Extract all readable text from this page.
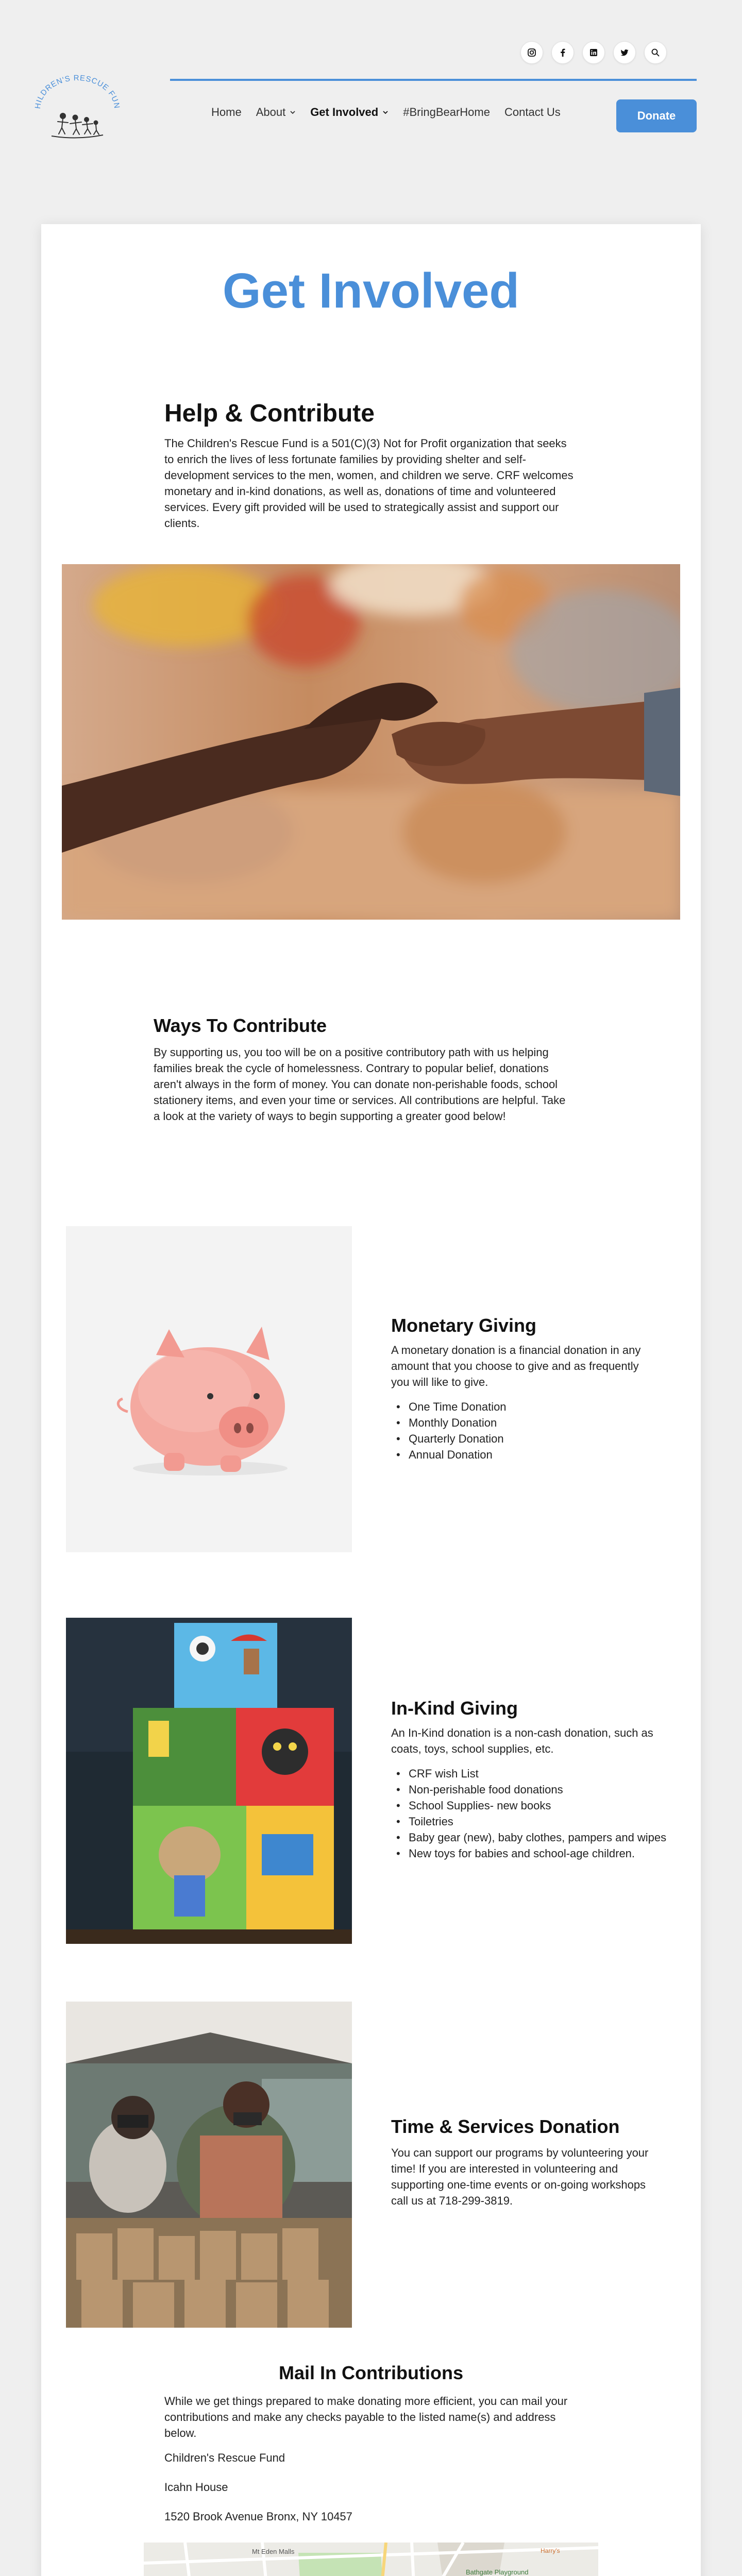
HILDREN'S RESCUE FUN	Home About Get Involved #BringBearHome Contact Us	Donate
Get Involved
Help & Contribute

The Children's Rescue Fund is a 501(C)(3) Not for Profit organization that seeks to enrich the lives of less fortunate families by providing shelter and self-development services to the men, women, and children we serve. CRF welcomes monetary and in-kind donations, as well as, donations of time and volunteered services. Every gift provided will be used to strategically assist and support our clients.

Ways To Contribute

By supporting us, you too will be on a positive contributory path with us helping families break the cycle of homelessness. Contrary to popular belief, donations aren't always in the form of money. You can donate non-perishable foods, school stationery items, and even your time or services. All contributions are helpful. Take a look at the variety of ways to begin supporting a greater good below!

Monetary Giving

A monetary donation is a financial donation in any amount that you choose to give and as frequently you will like to give.

• One Time Donation
• Monthly Donation
• Quarterly Donation
• Annual Donation
In-Kind Giving

An In-Kind donation is a non-cash donation, such as coats, toys, school supplies, etc.

• CRF wish List
• Non-perishable food donations
• School Supplies- new books
• Toiletries
• Baby gear (new), baby clothes, pampers and wipes
• New toys for babies and school-age children.
Time & Services Donation

You can support our programs by volunteering your time! If you are interested in volunteering and supporting one-time events or on-going workshops call us at 718-299-3819.

Mail In Contributions

While we get things prepared to make donating more efficient, you can mail your contributions and make any checks payable to the listed name(s) and address below.

Children's Rescue Fund

Icahn House

1520 Brook Avenue Bronx, NY 10457

Bathgate Playground
Mt Eden Malls	Harry's
